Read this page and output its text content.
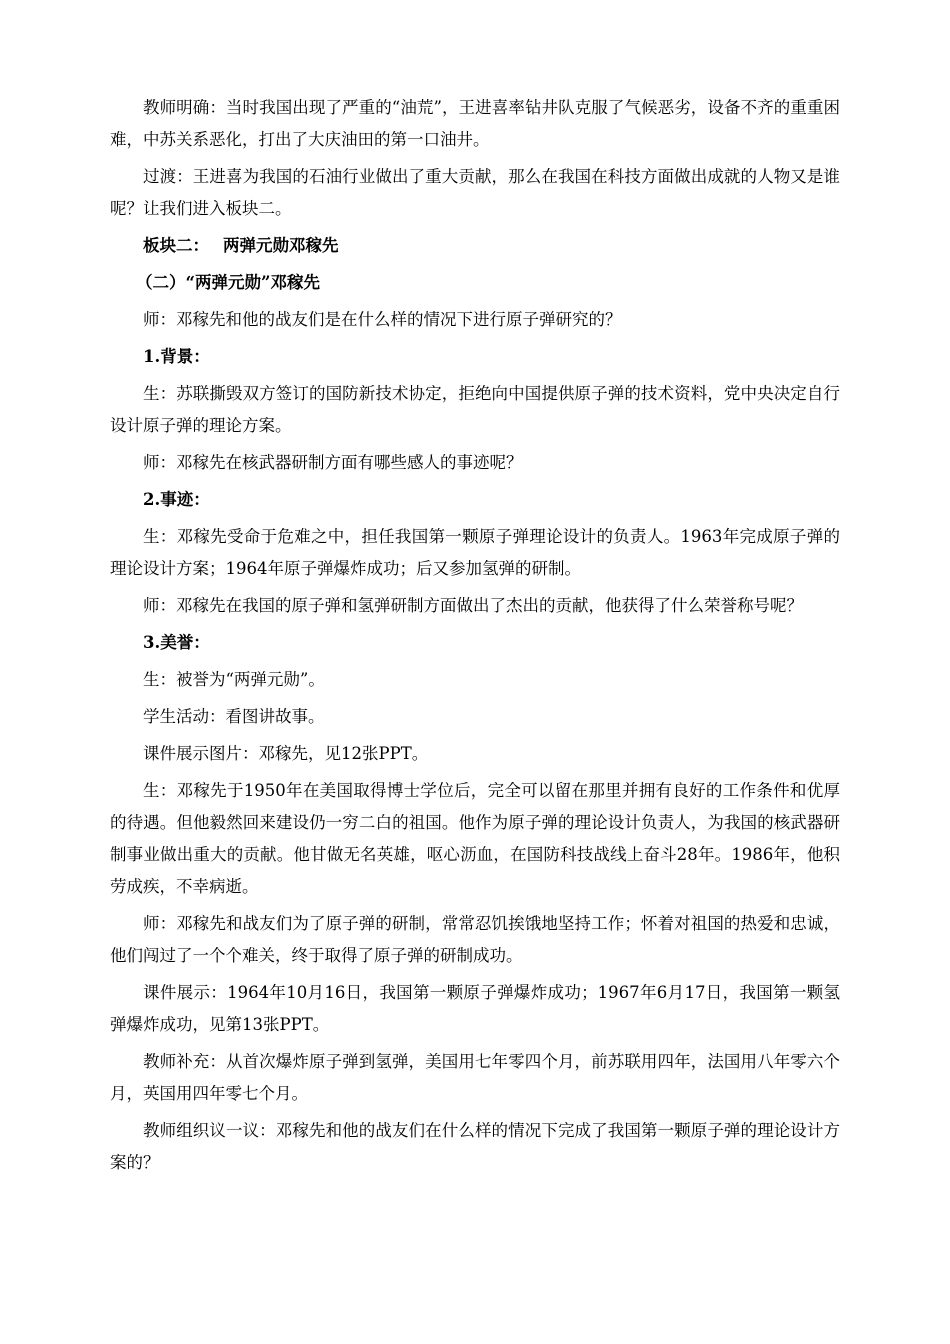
教师明确：当时我国出现了严重的“油荒”，王进喜率钻井队克服了气候恶劣，设备不齐的重重困难，中苏关系恶化，打出了大庆油田的第一口油井。

过渡：王进喜为我国的石油行业做出了重大贡献，那么在我国在科技方面做出成就的人物又是谁呢？让我们进入板块二。

板块二： 两弹元勋邓稼先

（二）“两弹元勋”邓稼先

师：邓稼先和他的战友们是在什么样的情况下进行原子弹研究的？

1.背景：

生：苏联撕毁双方签订的国防新技术协定，拒绝向中国提供原子弹的技术资料，党中央决定自行设计原子弹的理论方案。

师：邓稼先在核武器研制方面有哪些感人的事迹呢？

2.事迹：

生：邓稼先受命于危难之中，担任我国第一颗原子弹理论设计的负责人。1963年完成原子弹的理论设计方案；1964年原子弹爆炸成功；后又参加氢弹的研制。

师：邓稼先在我国的原子弹和氢弹研制方面做出了杰出的贡献，他获得了什么荣誉称号呢？

3.美誉：

生：被誉为“两弹元勋”。

学生活动：看图讲故事。

课件展示图片：邓稼先，见12张PPT。

生：邓稼先于1950年在美国取得博士学位后，完全可以留在那里并拥有良好的工作条件和优厚的待遇。但他毅然回来建设仍一穷二白的祖国。他作为原子弹的理论设计负责人，为我国的核武器研制事业做出重大的贡献。他甘做无名英雄，呕心沥血，在国防科技战线上奋斗28年。1986年，他积劳成疾，不幸病逝。

师：邓稼先和战友们为了原子弹的研制，常常忍饥挨饿地坚持工作；怀着对祖国的热爱和忠诚，他们闯过了一个个难关，终于取得了原子弹的研制成功。

课件展示：1964年10月16日，我国第一颗原子弹爆炸成功；1967年6月17日，我国第一颗氢弹爆炸成功，见第13张PPT。

教师补充：从首次爆炸原子弹到氢弹，美国用七年零四个月，前苏联用四年，法国用八年零六个月，英国用四年零七个月。

教师组织议一议：邓稼先和他的战友们在什么样的情况下完成了我国第一颗原子弹的理论设计方案的？
